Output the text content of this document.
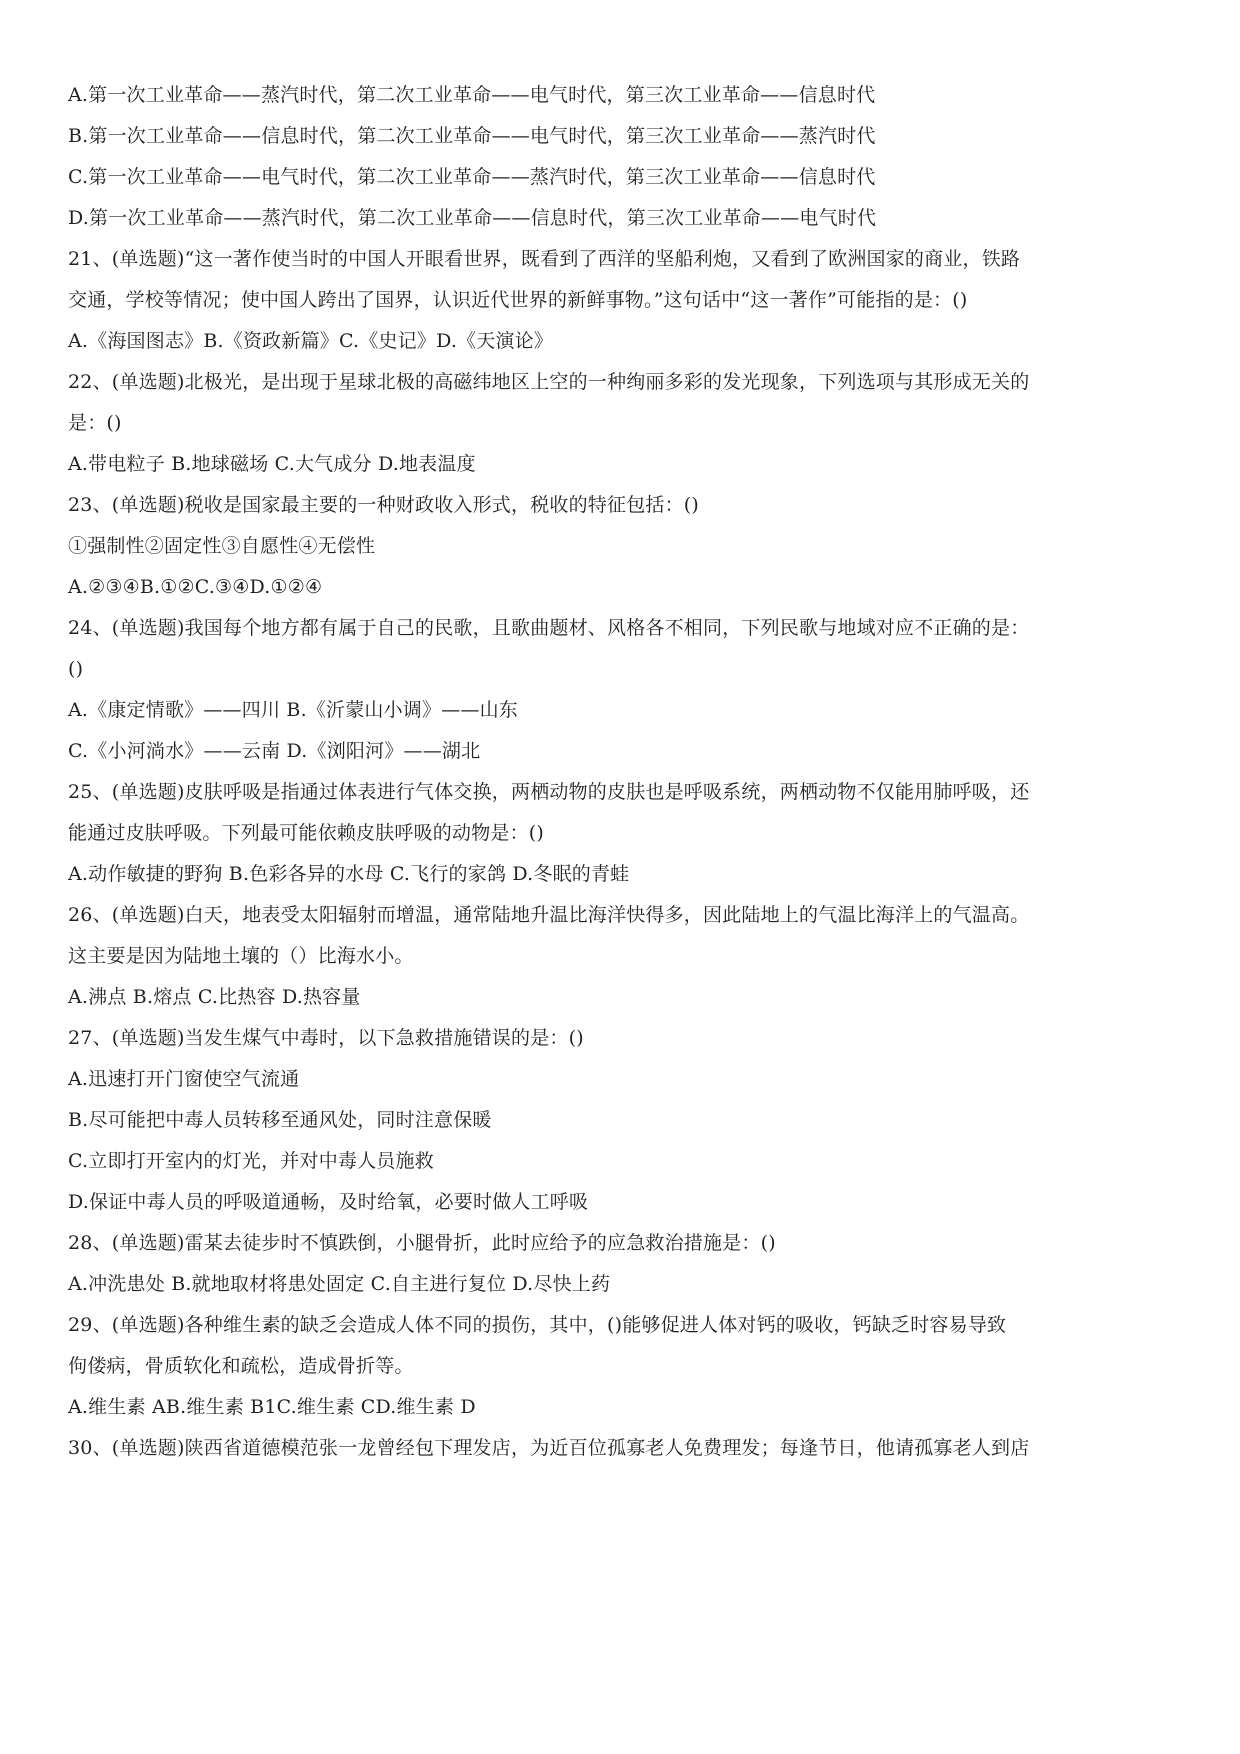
A.第一次工业革命——蒸汽时代，第二次工业革命——电气时代，第三次工业革命——信息时代
B.第一次工业革命——信息时代，第二次工业革命——电气时代，第三次工业革命——蒸汽时代
C.第一次工业革命——电气时代，第二次工业革命——蒸汽时代，第三次工业革命——信息时代
D.第一次工业革命——蒸汽时代，第二次工业革命——信息时代，第三次工业革命——电气时代
21、(单选题)“这一著作使当时的中国人开眼看世界，既看到了西洋的坚船利炮，又看到了欧洲国家的商业，铁路
交通，学校等情况；使中国人跨出了国界，认识近代世界的新鲜事物。”这句话中“这一著作”可能指的是：()
A.《海国图志》B.《资政新篇》C.《史记》D.《天演论》
22、(单选题)北极光，是出现于星球北极的高磁纬地区上空的一种绚丽多彩的发光现象，下列选项与其形成无关的
是：()
A.带电粒子 B.地球磁场 C.大气成分 D.地表温度
23、(单选题)税收是国家最主要的一种财政收入形式，税收的特征包括：()
①强制性②固定性③自愿性④无偿性
A.②③④B.①②C.③④D.①②④
24、(单选题)我国每个地方都有属于自己的民歌，且歌曲题材、风格各不相同，下列民歌与地域对应不正确的是：
()
A.《康定情歌》——四川 B.《沂蒙山小调》——山东
C.《小河淌水》——云南 D.《浏阳河》——湖北
25、(单选题)皮肤呼吸是指通过体表进行气体交换，两栖动物的皮肤也是呼吸系统，两栖动物不仅能用肺呼吸，还
能通过皮肤呼吸。下列最可能依赖皮肤呼吸的动物是：()
A.动作敏捷的野狗 B.色彩各异的水母 C.飞行的家鸽 D.冬眠的青蛙
26、(单选题)白天，地表受太阳辐射而增温，通常陆地升温比海洋快得多，因此陆地上的气温比海洋上的气温高。
这主要是因为陆地土壤的（）比海水小。
A.沸点 B.熔点 C.比热容 D.热容量
27、(单选题)当发生煤气中毒时，以下急救措施错误的是：()
A.迅速打开门窗使空气流通
B.尽可能把中毒人员转移至通风处，同时注意保暖
C.立即打开室内的灯光，并对中毒人员施救
D.保证中毒人员的呼吸道通畅，及时给氧，必要时做人工呼吸
28、(单选题)雷某去徒步时不慎跌倒，小腿骨折，此时应给予的应急救治措施是：()
A.冲洗患处 B.就地取材将患处固定 C.自主进行复位 D.尽快上药
29、(单选题)各种维生素的缺乏会造成人体不同的损伤，其中，()能够促进人体对钙的吸收，钙缺乏时容易导致
佝偻病，骨质软化和疏松，造成骨折等。
A.维生素 AB.维生素 B1C.维生素 CD.维生素 D
30、(单选题)陕西省道德模范张一龙曾经包下理发店，为近百位孤寡老人免费理发；每逢节日，他请孤寡老人到店
